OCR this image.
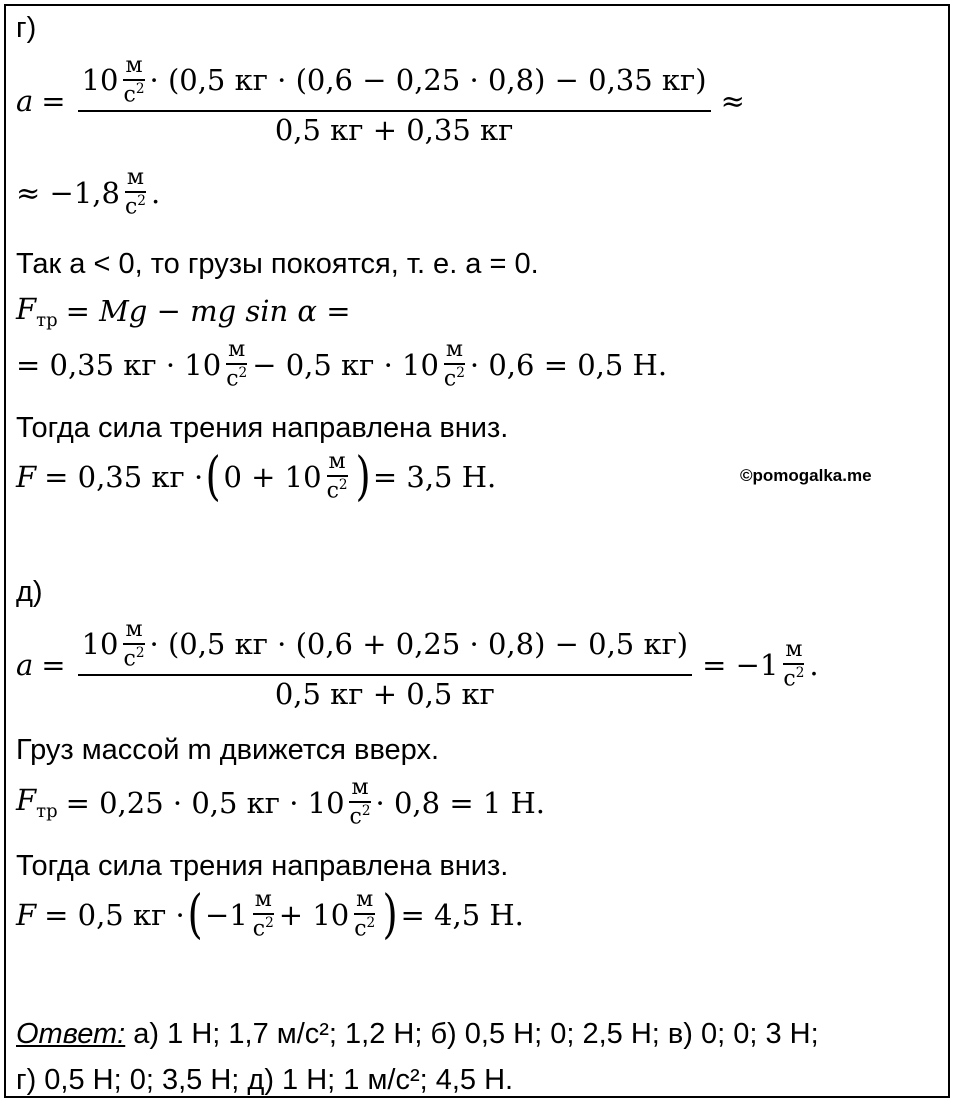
г)
a =
10 м
$с^2 \cdot (0,5$ кг · (0,6 − 0,25 · 0,8) − 0,35 кг)
0,5 кг + 0,35 кг
≈
≈ −1,8 м
$с^2$ .
Так a < 0, то грузы покоятся, т. е. a = 0.
$F_{тр} = Mg$ − mg sin α =
= 0,35 кг · 10 м
$с^2 - 0,5$ кг · 10 м
$с^2 \cdot 0,6 = 0,5$ Н.
Тогда сила трения направлена вниз.
F = 0,35 кг · ( 0 + 10 м
$с^2$ ) = 3,5 Н.
д)
a =
10 м
$с^2 \cdot (0,5$ кг · (0,6 + 0,25 · 0,8) − 0,5 кг)
0,5 кг + 0,5 кг
= −1 м
$с^2$ .
Груз массой m движется вверх.
$F_{тр} = 0,25 \cdot 0,5$ кг · 10 м
$с^2 \cdot 0,8 = 1$ Н.
Тогда сила трения направлена вниз.
F = 0,5 кг · ( −1 м
$с^2 + 10$ м
$с^2$ ) = 4,5 Н.
Ответ: а) 1 Н; 1,7 м/с²; 1,2 Н; б) 0,5 Н; 0; 2,5 Н; в) 0; 0; 3 Н;
г) 0,5 Н; 0; 3,5 Н; д) 1 Н; 1 м/с²; 4,5 Н.
©pomogalka.me
